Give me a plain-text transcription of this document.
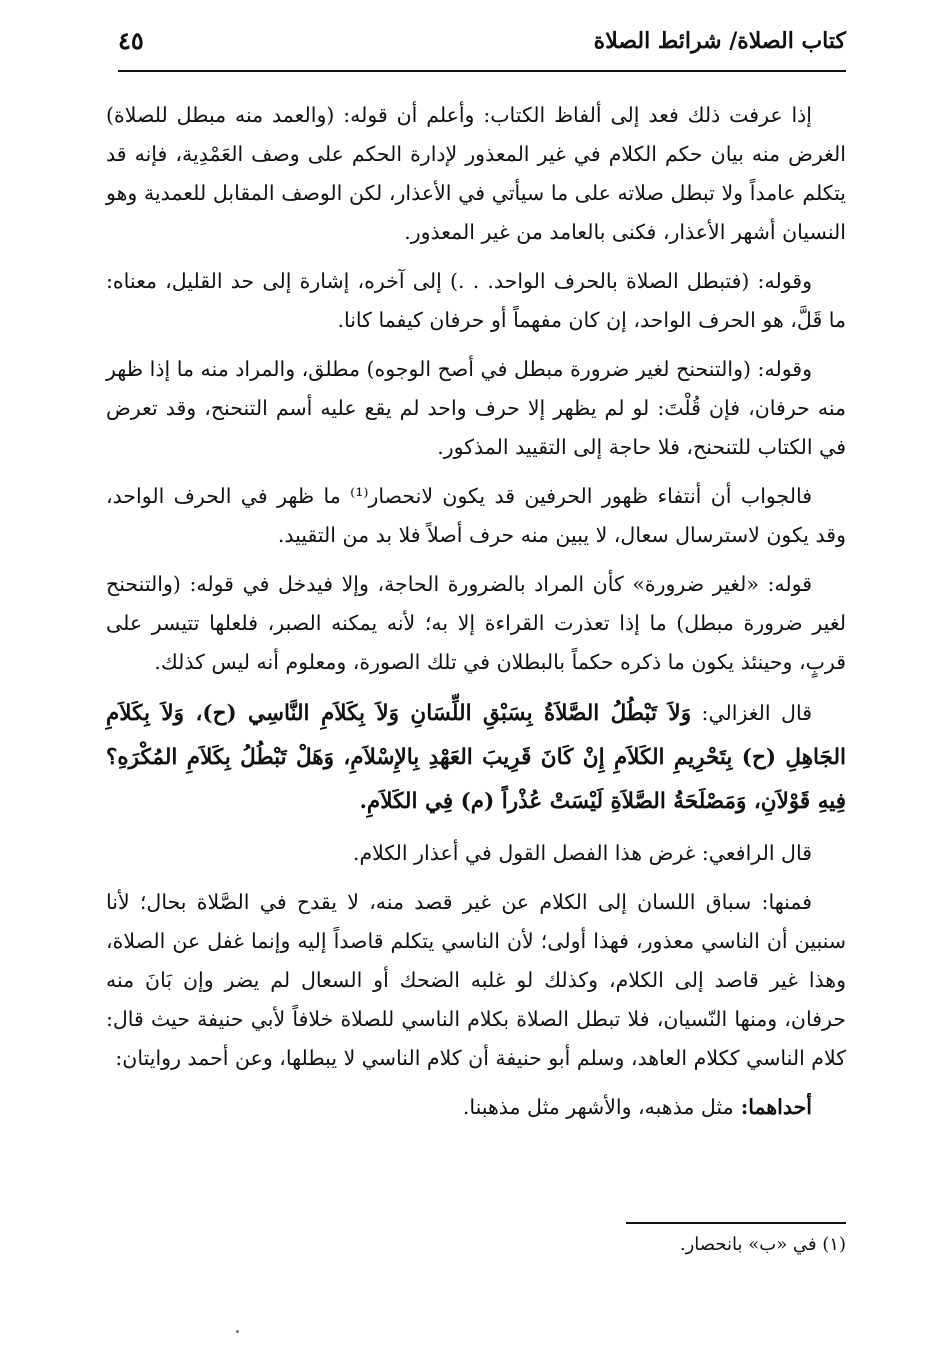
كتاب الصلاة/ شرائط الصلاة
٤٥

إذا عرفت ذلك فعد إلى ألفاظ الكتاب: وأعلم أن قوله: (والعمد منه مبطل للصلاة) الغرض منه بيان حكم الكلام في غير المعذور لإدارة الحكم على وصف العَمْدِية، فإنه قد يتكلم عامداً ولا تبطل صلاته على ما سيأتي في الأعذار، لكن الوصف المقابل للعمدية وهو النسيان أشهر الأعذار، فكنى بالعامد من غير المعذور.

وقوله: (فتبطل الصلاة بالحرف الواحد. . .) إلى آخره، إشارة إلى حد القليل، معناه: ما قَلَّ، هو الحرف الواحد، إن كان مفهماً أو حرفان كيفما كانا.

وقوله: (والتنحنح لغير ضرورة مبطل في أصح الوجوه) مطلق، والمراد منه ما إذا ظهر منه حرفان، فإن قُلْتَ: لو لم يظهر إلا حرف واحد لم يقع عليه أسم التنحنح، وقد تعرض في الكتاب للتنحنح، فلا حاجة إلى التقييد المذكور.

فالجواب أن أنتفاء ظهور الحرفين قد يكون لانحصار⁽¹⁾ ما ظهر في الحرف الواحد، وقد يكون لاسترسال سعال، لا يبين منه حرف أصلاً فلا بد من التقييد.

قوله: «لغير ضرورة» كأن المراد بالضرورة الحاجة، وإلا فيدخل في قوله: (والتنحنح لغير ضرورة مبطل) ما إذا تعذرت القراءة إلا به؛ لأنه يمكنه الصبر، فلعلها تتيسر على قربٍ، وحينئذ يكون ما ذكره حكماً بالبطلان في تلك الصورة، ومعلوم أنه ليس كذلك.

قال الغزالي: وَلاَ تَبْطُلُ الصَّلاَةُ بِسَبْقِ اللِّسَانِ وَلاَ بِكَلاَمِ النَّاسِي (ح)، وَلاَ بِكَلاَمِ الجَاهِلِ (ح) بِتَحْرِيمِ الكَلاَمِ إِنْ كَانَ قَرِيبَ العَهْدِ بِالإِسْلاَمِ، وَهَلْ تَبْطُلُ بِكَلاَمِ المُكْرَهِ؟ فِيهِ قَوْلاَنِ، وَمَصْلَحَةُ الصَّلاَةِ لَيْسَتْ عُذْراً (م) فِي الكَلاَمِ.

قال الرافعي: غرض هذا الفصل القول في أعذار الكلام.

فمنها: سباق اللسان إلى الكلام عن غير قصد منه، لا يقدح في الصَّلاة بحال؛ لأنا سنبين أن الناسي معذور، فهذا أولى؛ لأن الناسي يتكلم قاصداً إليه وإنما غفل عن الصلاة، وهذا غير قاصد إلى الكلام، وكذلك لو غلبه الضحك أو السعال لم يضر وإن بَانَ منه حرفان، ومنها النّسيان، فلا تبطل الصلاة بكلام الناسي للصلاة خلافاً لأبي حنيفة حيث قال: كلام الناسي ككلام العاهد، وسلم أبو حنيفة أن كلام الناسي لا يبطلها، وعن أحمد روايتان:

أحداهما: مثل مذهبه، والأشهر مثل مذهبنا.

(١) في «ب» بانحصار.
